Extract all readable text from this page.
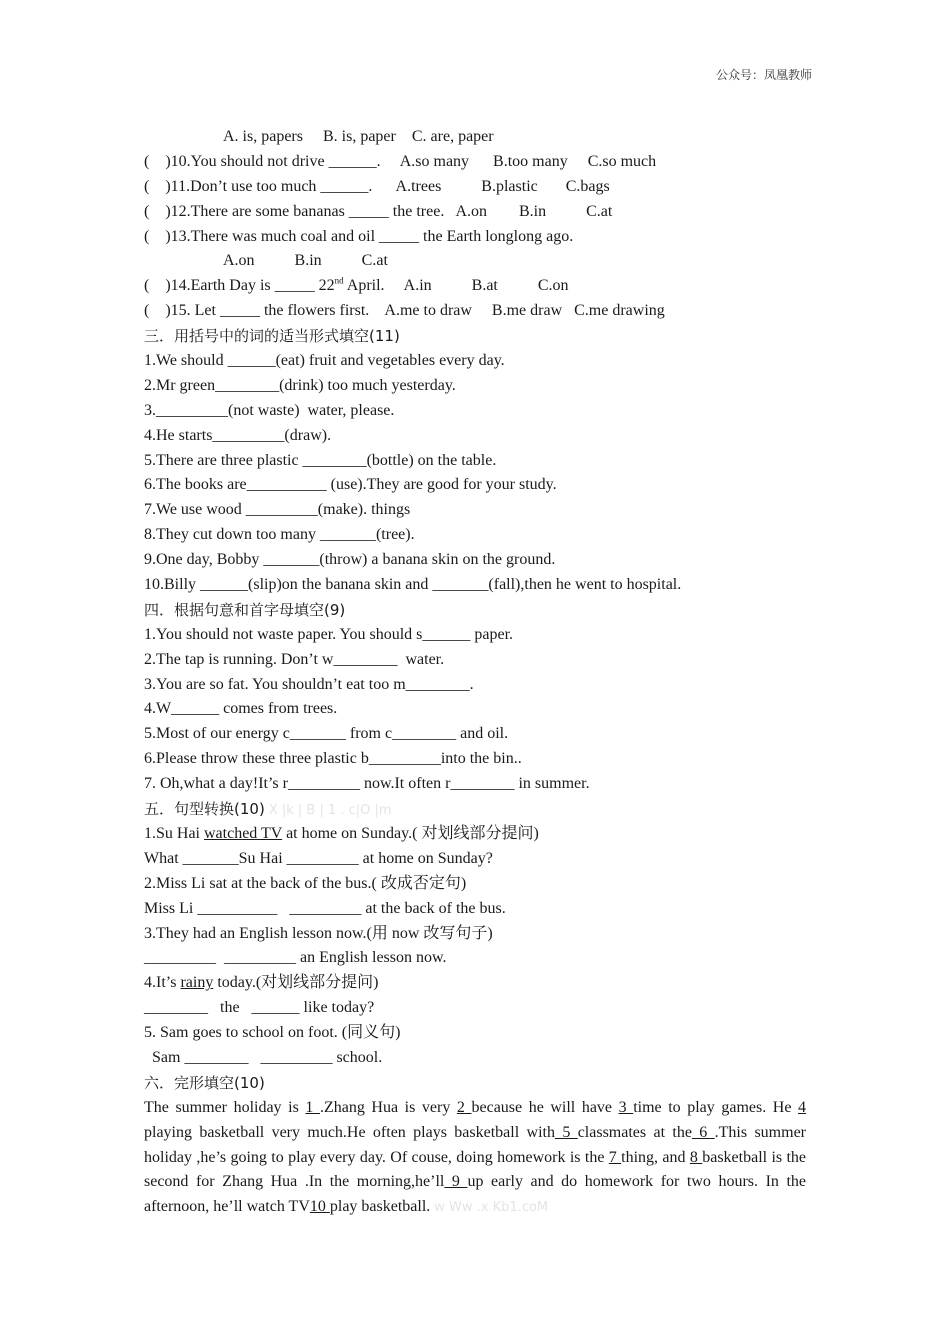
公众号：凤凰教师
A. is, papers     B. is, paper    C. are, paper
(    )10.You should not drive ______.     A.so many      B.too many     C.so much
(    )11.Don’t use too much ______.      A.trees          B.plastic       C.bags
(    )12.There are some bananas _____ the tree.   A.on        B.in          C.at
(    )13.There was much coal and oil _____ the Earth longlong ago.
A.on          B.in          C.at
(    )14.Earth Day is _____ 22nd April.     A.in          B.at          C.on
(    )15. Let _____ the flowers first.    A.me to draw     B.me draw   C.me drawing
三．用括号中的词的适当形式填空(11)
1.We should ______(eat) fruit and vegetables every day.
2.Mr green________(drink) too much yesterday.
3._________(not waste)  water, please.
4.He starts_________(draw).
5.There are three plastic ________(bottle) on the table.
6.The books are__________ (use).They are good for your study.
7.We use wood _________(make). things
8.They cut down too many _______(tree).
9.One day, Bobby _______(throw) a banana skin on the ground.
10.Billy ______(slip)on the banana skin and _______(fall),then he went to hospital.
四．根据句意和首字母填空(9)
1.You should not waste paper. You should s______ paper.
2.The tap is running. Don’t w________  water.
3.You are so fat. You shouldn’t eat too m________.
4.W______ comes from trees.
5.Most of our energy c_______ from c________ and oil.
6.Please throw these three plastic b_________into the bin..
7. Oh,what a day!It’s r_________ now.It often r________ in summer.
五．句型转换(10) X |k | B | 1 . c|O |m
1.Su Hai watched TV at home on Sunday.( 对划线部分提问)
What _______Su Hai _________ at home on Sunday?
2.Miss Li sat at the back of the bus.( 改成否定句)
Miss Li __________   _________ at the back of the bus.
3.They had an English lesson now.(用 now 改写句子)
_________  _________ an English lesson now.
4.It’s rainy today.(对划线部分提问)
________   the   ______ like today?
5. Sam goes to school on foot. (同义句)
Sam ________   _________ school.
六．完形填空(10)
The summer holiday is 1 .Zhang Hua is very 2 because he will have 3 time to play games. He 4 playing basketball very much.He often plays basketball with 5 classmates at the 6 .This summer holiday ,he’s going to play every day. Of couse, doing homework is the 7 thing, and 8 basketball is the second for Zhang Hua .In the morning,he’ll 9 up early and do homework for two hours. In the afternoon, he’ll watch TV10 play basketball. w Ww .x Kb1.coM
